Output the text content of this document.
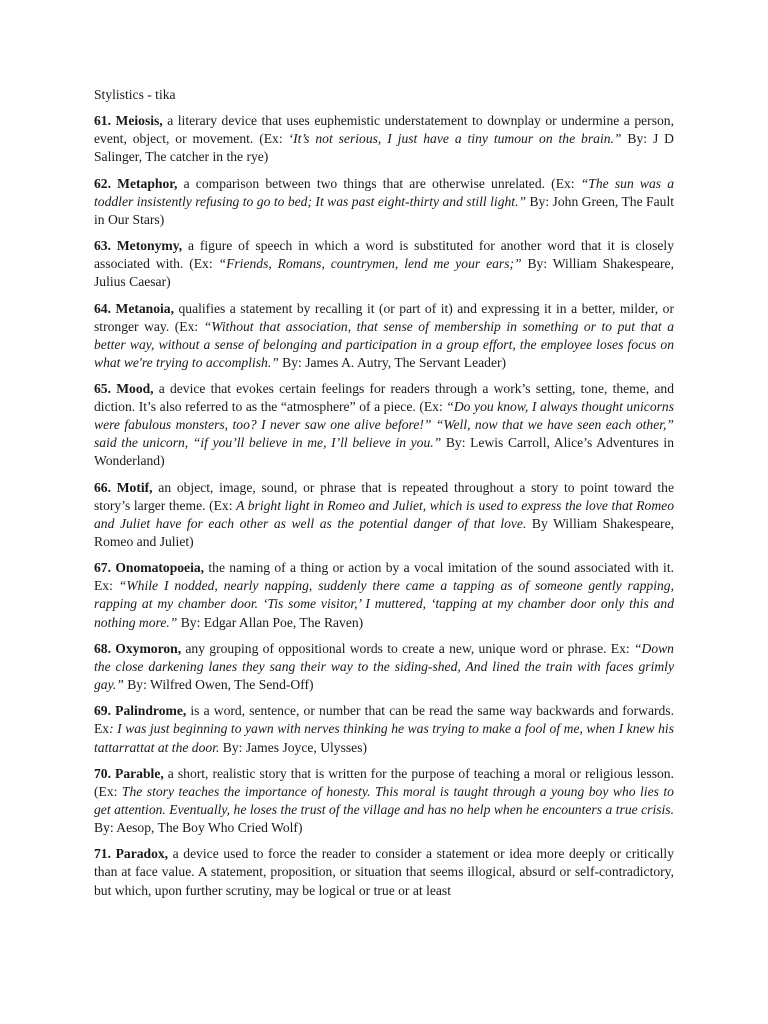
Stylistics - tika

61. Meiosis, a literary device that uses euphemistic understatement to downplay or undermine a person, event, object, or movement. (Ex: ‘It’s not serious, I just have a tiny tumour on the brain.” By: J D Salinger, The catcher in the rye)

62. Metaphor, a comparison between two things that are otherwise unrelated. (Ex: “The sun was a toddler insistently refusing to go to bed; It was past eight-thirty and still light.” By: John Green, The Fault in Our Stars)

63. Metonymy, a figure of speech in which a word is substituted for another word that it is closely associated with. (Ex: “Friends, Romans, countrymen, lend me your ears;” By: William Shakespeare, Julius Caesar)

64. Metanoia, qualifies a statement by recalling it (or part of it) and expressing it in a better, milder, or stronger way. (Ex: “Without that association, that sense of membership in something or to put that a better way, without a sense of belonging and participation in a group effort, the employee loses focus on what we're trying to accomplish.” By: James A. Autry, The Servant Leader)

65. Mood, a device that evokes certain feelings for readers through a work’s setting, tone, theme, and diction. It’s also referred to as the “atmosphere” of a piece. (Ex: “Do you know, I always thought unicorns were fabulous monsters, too? I never saw one alive before!” “Well, now that we have seen each other,” said the unicorn, “if you’ll believe in me, I’ll believe in you.” By: Lewis Carroll, Alice’s Adventures in Wonderland)

66. Motif, an object, image, sound, or phrase that is repeated throughout a story to point toward the story’s larger theme. (Ex: A bright light in Romeo and Juliet, which is used to express the love that Romeo and Juliet have for each other as well as the potential danger of that love. By William Shakespeare, Romeo and Juliet)

67. Onomatopoeia, the naming of a thing or action by a vocal imitation of the sound associated with it. Ex: “While I nodded, nearly napping, suddenly there came a tapping as of someone gently rapping, rapping at my chamber door. ‘Tis some visitor,’ I muttered, ‘tapping at my chamber door only this and nothing more.” By: Edgar Allan Poe, The Raven)

68. Oxymoron, any grouping of oppositional words to create a new, unique word or phrase. Ex: “Down the close darkening lanes they sang their way to the siding-shed, And lined the train with faces grimly gay.” By: Wilfred Owen, The Send-Off)

69. Palindrome, is a word, sentence, or number that can be read the same way backwards and forwards. Ex: I was just beginning to yawn with nerves thinking he was trying to make a fool of me, when I knew his tattarrattat at the door. By: James Joyce, Ulysses)

70. Parable, a short, realistic story that is written for the purpose of teaching a moral or religious lesson. (Ex: The story teaches the importance of honesty. This moral is taught through a young boy who lies to get attention. Eventually, he loses the trust of the village and has no help when he encounters a true crisis. By: Aesop, The Boy Who Cried Wolf)

71. Paradox, a device used to force the reader to consider a statement or idea more deeply or critically than at face value. A statement, proposition, or situation that seems illogical, absurd or self-contradictory, but which, upon further scrutiny, may be logical or true or at least
